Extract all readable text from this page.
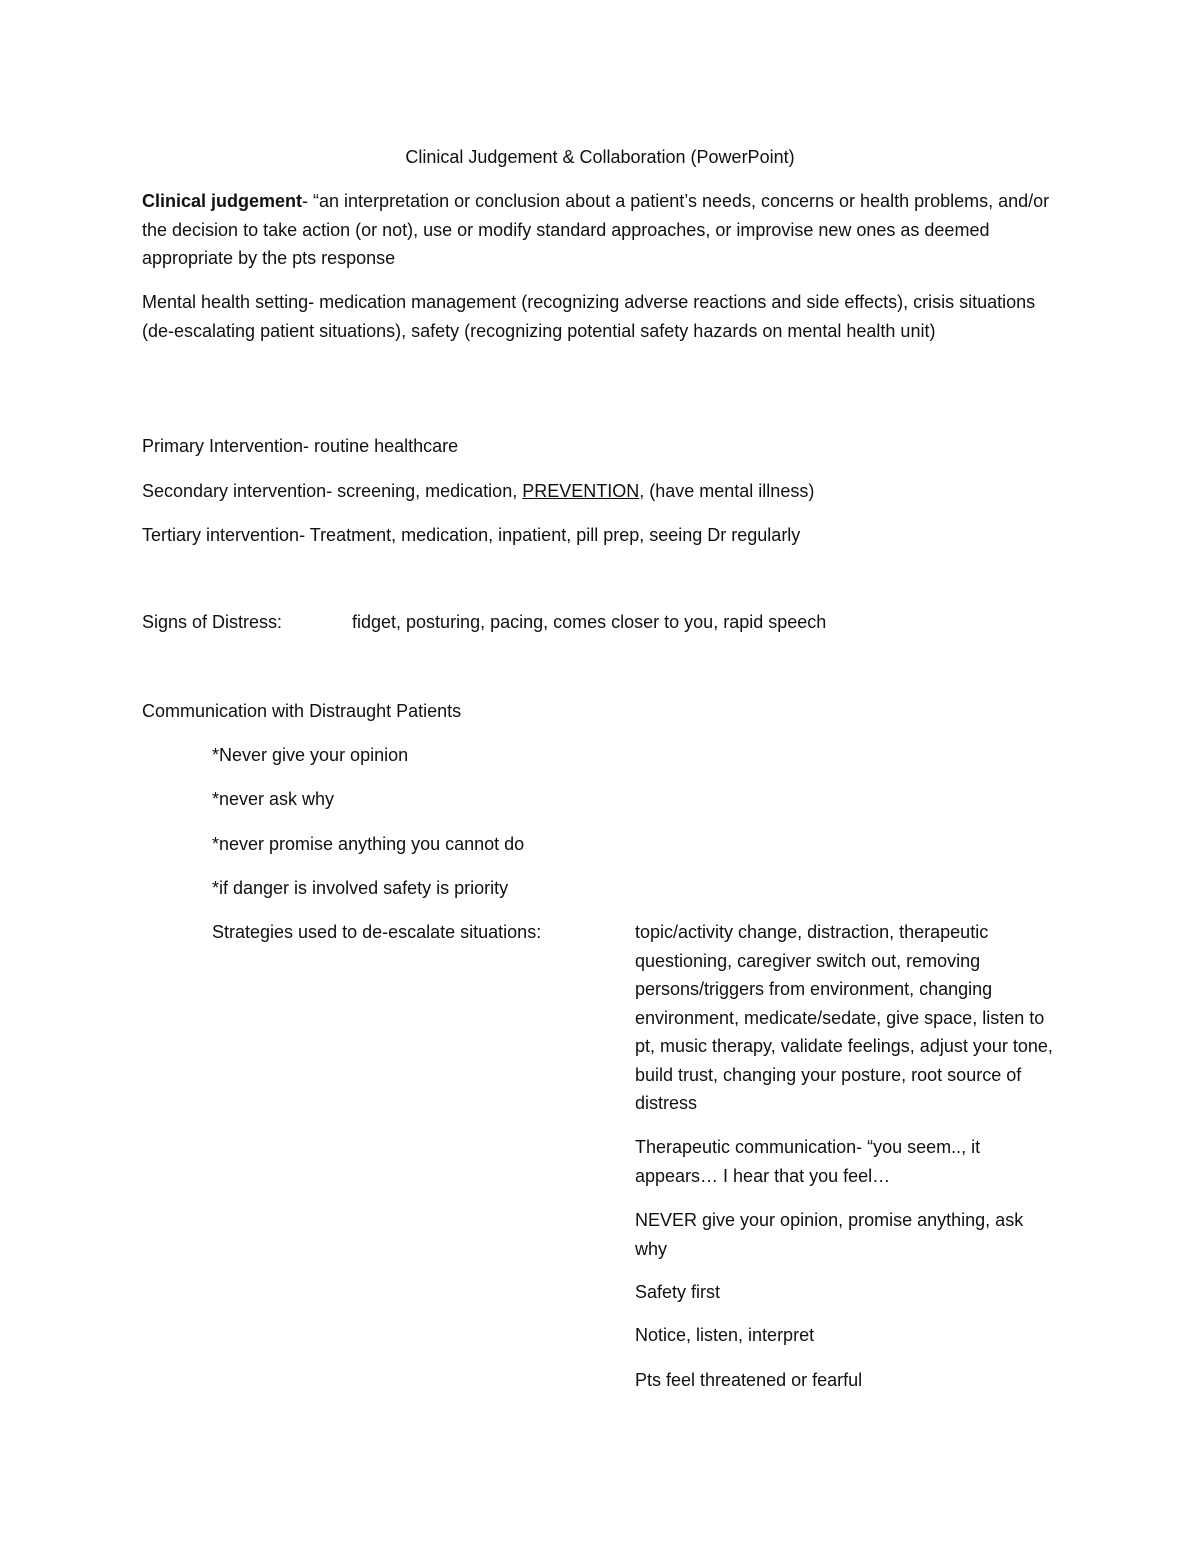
Clinical Judgement & Collaboration (PowerPoint)
Clinical judgement- “an interpretation or conclusion about a patient’s needs, concerns or health problems, and/or the decision to take action (or not), use or modify standard approaches, or improvise new ones as deemed appropriate by the pts response
Mental health setting- medication management (recognizing adverse reactions and side effects), crisis situations (de-escalating patient situations), safety (recognizing potential safety hazards on mental health unit)
Primary Intervention- routine healthcare
Secondary intervention- screening, medication, PREVENTION, (have mental illness)
Tertiary intervention- Treatment, medication, inpatient, pill prep, seeing Dr regularly
Signs of Distress:	fidget, posturing, pacing, comes closer to you, rapid speech
Communication with Distraught Patients
*Never give your opinion
*never ask why
*never promise anything you cannot do
*if danger is involved safety is priority
Strategies used to de-escalate situations:	topic/activity change, distraction, therapeutic questioning, caregiver switch out, removing persons/triggers from environment, changing environment, medicate/sedate, give space, listen to pt, music therapy, validate feelings, adjust your tone, build trust, changing your posture, root source of distress
Therapeutic communication- “you seem.., it appears… I hear that you feel…
NEVER give your opinion, promise anything, ask why
Safety first
Notice, listen, interpret
Pts feel threatened or fearful
